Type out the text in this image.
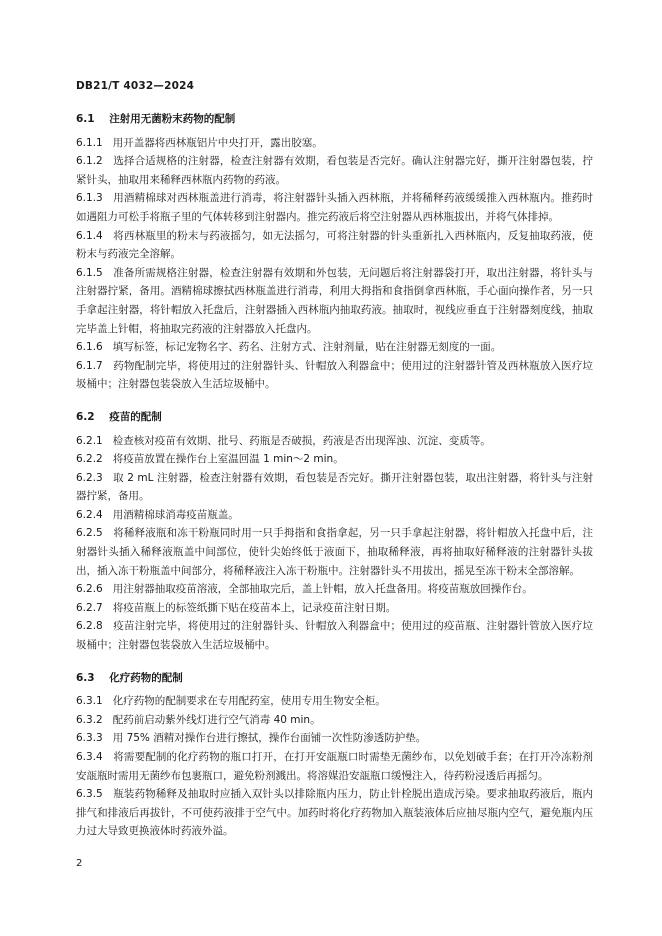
DB21/T 4032—2024
6.1 注射用无菌粉末药物的配制

6.1.1 用开盖器将西林瓶铝片中央打开，露出胶塞。

6.1.2 选择合适规格的注射器，检查注射器有效期，看包装是否完好。确认注射器完好，撕开注射器包装，拧紧针头，抽取用来稀释西林瓶内药物的药液。

6.1.3 用酒精棉球对西林瓶盖进行消毒，将注射器针头插入西林瓶，并将稀释药液缓缓推入西林瓶内。推药时如遇阻力可松手将瓶子里的气体转移到注射器内。推完药液后将空注射器从西林瓶拔出，并将气体排掉。

6.1.4 将西林瓶里的粉末与药液摇匀，如无法摇匀，可将注射器的针头重新扎入西林瓶内，反复抽取药液，使粉末与药液完全溶解。

6.1.5 准备所需规格注射器，检查注射器有效期和外包装，无问题后将注射器袋打开，取出注射器，将针头与注射器拧紧，备用。酒精棉球擦拭西林瓶盖进行消毒，利用大拇指和食指倒拿西林瓶，手心面向操作者，另一只手拿起注射器，将针帽放入托盘后，注射器插入西林瓶内抽取药液。抽取时，视线应垂直于注射器刻度线，抽取完毕盖上针帽，将抽取完药液的注射器放入托盘内。

6.1.6 填写标签，标记宠物名字、药名、注射方式、注射剂量，贴在注射器无刻度的一面。

6.1.7 药物配制完毕，将使用过的注射器针头、针帽放入利器盒中；使用过的注射器针管及西林瓶放入医疗垃圾桶中；注射器包装袋放入生活垃圾桶中。

6.2 疫苗的配制

6.2.1 检查核对疫苗有效期、批号、药瓶是否破损，药液是否出现浑浊、沉淀、变质等。

6.2.2 将疫苗放置在操作台上室温回温 1 min～2 min。

6.2.3 取 2 mL 注射器，检查注射器有效期，看包装是否完好。撕开注射器包装，取出注射器，将针头与注射器拧紧，备用。

6.2.4 用酒精棉球消毒疫苗瓶盖。

6.2.5 将稀释液瓶和冻干粉瓶同时用一只手拇指和食指拿起，另一只手拿起注射器，将针帽放入托盘中后，注射器针头插入稀释液瓶盖中间部位，使针尖始终低于液面下，抽取稀释液，再将抽取好稀释液的注射器针头拔出，插入冻干粉瓶盖中间部分，将稀释液注入冻干粉瓶中。注射器针头不用拔出，摇晃至冻干粉末全部溶解。

6.2.6 用注射器抽取疫苗溶液，全部抽取完后，盖上针帽，放入托盘备用。将疫苗瓶放回操作台。

6.2.7 将疫苗瓶上的标签纸撕下贴在疫苗本上，记录疫苗注射日期。

6.2.8 疫苗注射完毕，将使用过的注射器针头、针帽放入利器盒中；使用过的疫苗瓶、注射器针管放入医疗垃圾桶中；注射器包装袋放入生活垃圾桶中。

6.3 化疗药物的配制

6.3.1 化疗药物的配制要求在专用配药室，使用专用生物安全柜。

6.3.2 配药前启动紫外线灯进行空气消毒 40 min。

6.3.3 用 75% 酒精对操作台进行擦拭，操作台面铺一次性防渗透防护垫。

6.3.4 将需要配制的化疗药物的瓶口打开，在打开安瓿瓶口时需垫无菌纱布，以免划破手套；在打开冷冻粉剂安瓿瓶时需用无菌纱布包裹瓶口，避免粉剂溅出。将溶媒沿安瓿瓶口缓慢注入，待药粉浸透后再摇匀。

6.3.5 瓶装药物稀释及抽取时应插入双针头以排除瓶内压力，防止针栓脱出造成污染。要求抽取药液后，瓶内排气和排液后再拔针，不可使药液排于空气中。加药时将化疗药物加入瓶装液体后应抽尽瓶内空气，避免瓶内压力过大导致更换液体时药液外溢。

2
